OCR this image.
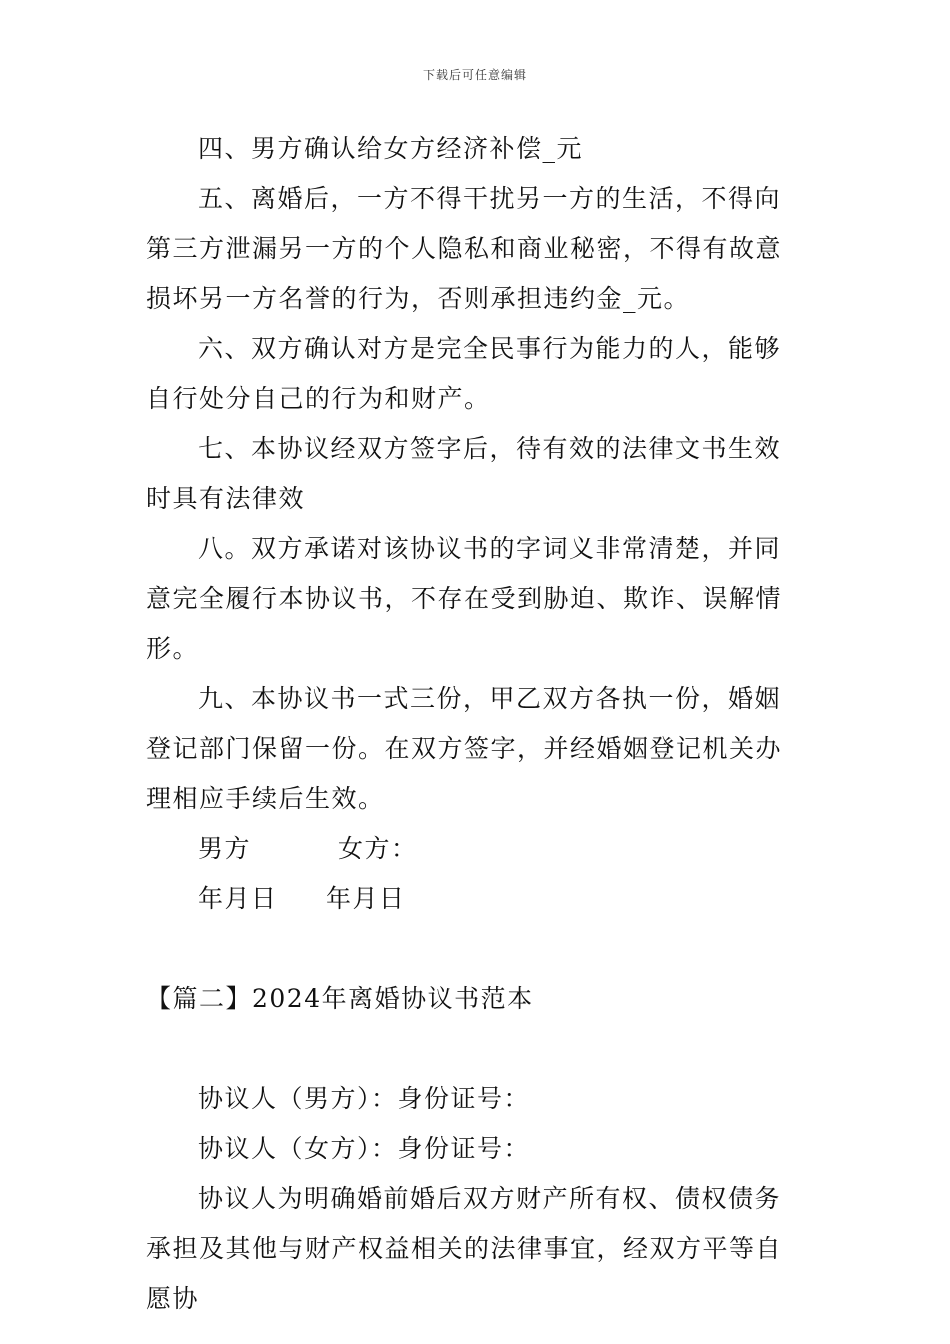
下载后可任意编辑

四、男方确认给女方经济补偿_元

五、离婚后，一方不得干扰另一方的生活，不得向第三方泄漏另一方的个人隐私和商业秘密，不得有故意损坏另一方名誉的行为，否则承担违约金_元。

六、双方确认对方是完全民事行为能力的人，能够自行处分自己的行为和财产。

七、本协议经双方签字后，待有效的法律文书生效时具有法律效

八。双方承诺对该协议书的字词义非常清楚，并同意完全履行本协议书，不存在受到胁迫、欺诈、误解情形。

九、本协议书一式三份，甲乙双方各执一份，婚姻登记部门保留一份。在双方签字，并经婚姻登记机关办理相应手续后生效。

男方	女方：

年月日 年月日

【篇二】2024年离婚协议书范本

协议人（男方）：身份证号：

协议人（女方）：身份证号：

协议人为明确婚前婚后双方财产所有权、债权债务承担及其他与财产权益相关的法律事宜，经双方平等自愿协
